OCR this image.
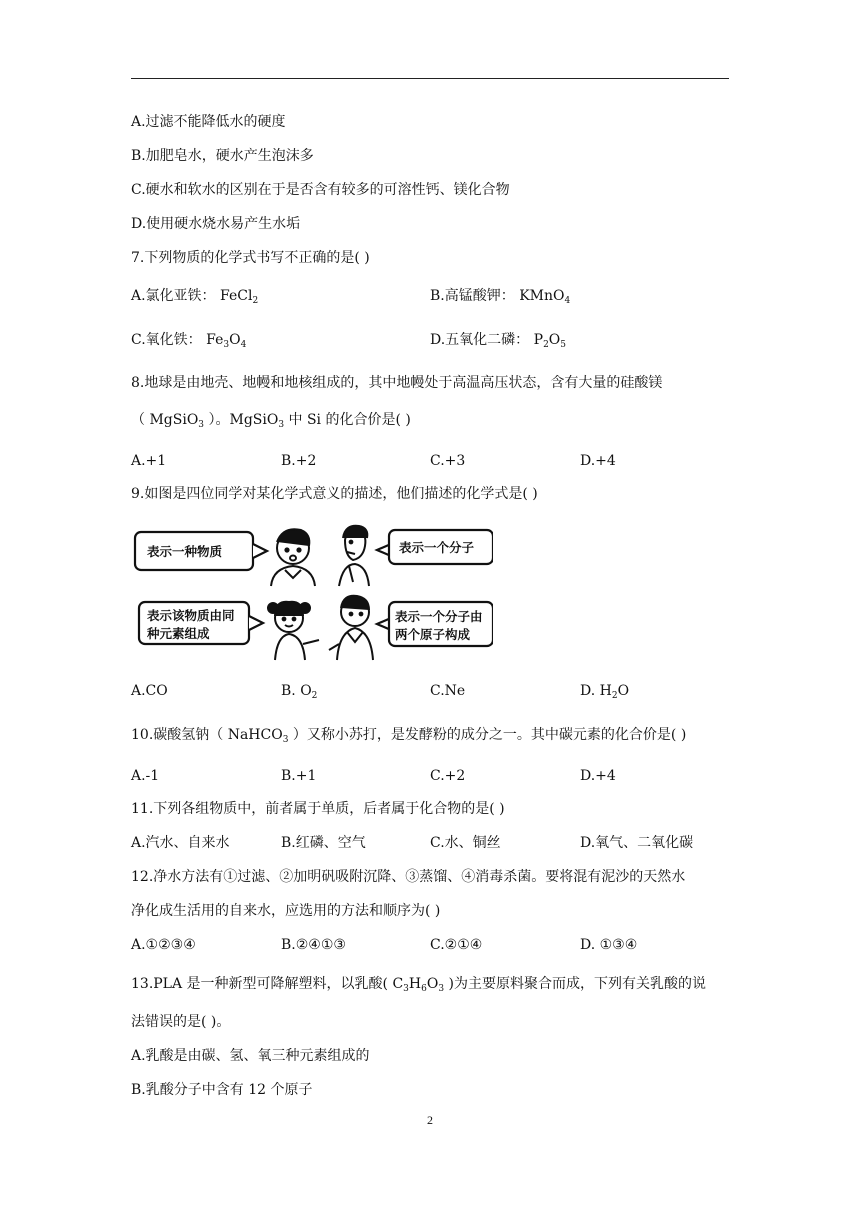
A.过滤不能降低水的硬度
B.加肥皂水，硬水产生泡沫多
C.硬水和软水的区别在于是否含有较多的可溶性钙、镁化合物
D.使用硬水烧水易产生水垢
7.下列物质的化学式书写不正确的是( )
A.氯化亚铁： FeCl$_2$	B.高锰酸钾： KMnO$_4$
C.氧化铁： $Fe_3O_4$	D.五氧化二磷： $P_2O_5$
8.地球是由地壳、地幔和地核组成的，其中地幔处于高温高压状态，含有大量的硅酸镁
（ MgSiO$_3$ ）。MgSiO$_3$ 中 Si 的化合价是( )
A.+1	B.+2	C.+3	D.+4
9.如图是四位同学对某化学式意义的描述，他们描述的化学式是( )
表示一种物质	表示一个分子
表示该物质由同
种元素组成
表示一个分子由
两个原子构成
A.CO	B. $O_2$	C.Ne	D. $H_2O$
10.碳酸氢钠（ NaHCO$_3$ ）又称小苏打，是发酵粉的成分之一。其中碳元素的化合价是( )
A.-1	B.+1	C.+2	D.+4
11.下列各组物质中，前者属于单质，后者属于化合物的是( )
A.汽水、自来水	B.红磷、空气	C.水、铜丝	D.氧气、二氧化碳
12.净水方法有①过滤、②加明矾吸附沉降、③蒸馏、④消毒杀菌。要将混有泥沙的天然水
净化成生活用的自来水，应选用的方法和顺序为( )
A.①②③④	B.②④①③	C.②①④	D. ①③④
13.PLA 是一种新型可降解塑料，以乳酸( $C_3H_6O_3$ )为主要原料聚合而成，下列有关乳酸的说
法错误的是( )。
A.乳酸是由碳、氢、氧三种元素组成的
B.乳酸分子中含有 12 个原子
2
